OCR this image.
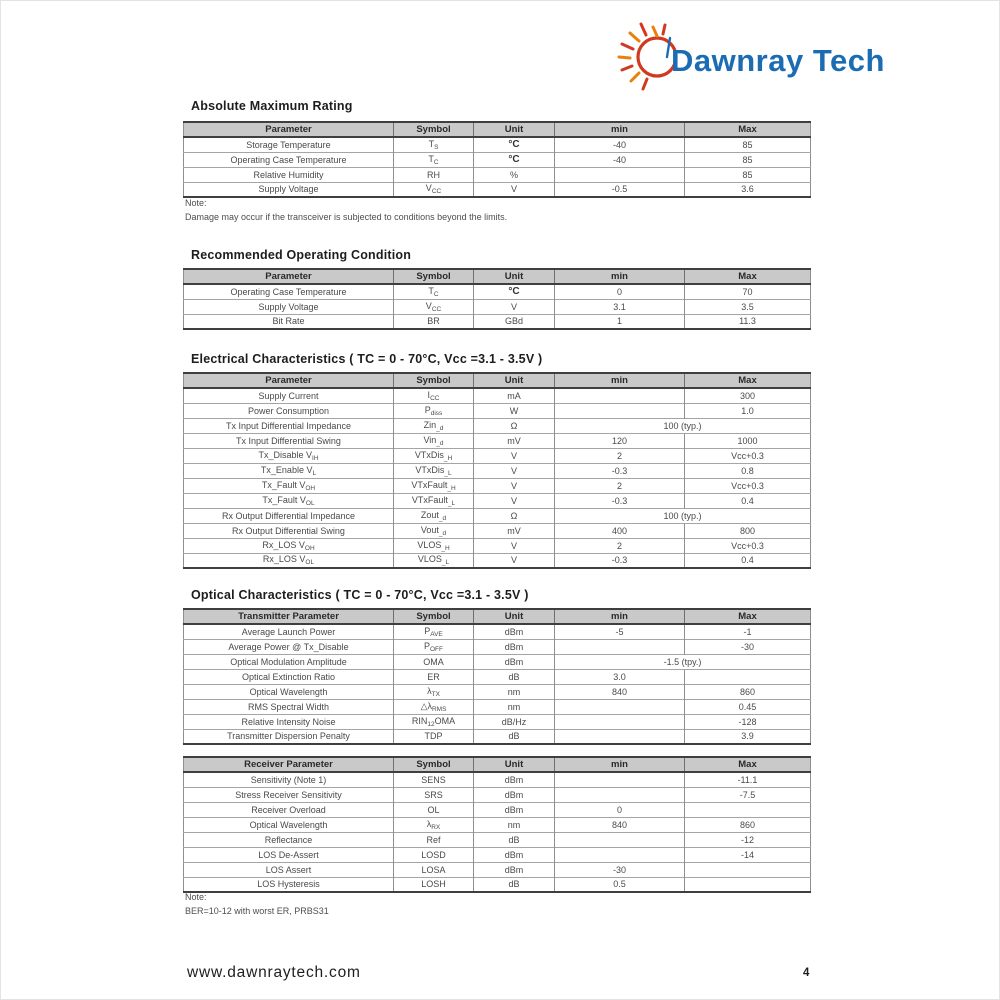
Dawnray Tech
Absolute Maximum Rating
Parameter	Symbol	Unit	min	Max
Storage Temperature	$T_S$	°C	-40	85
Operating Case Temperature	$T_C$	°C	-40	85
Relative Humidity	RH	%		85
Supply Voltage	$V_{CC}$	V	-0.5	3.6
Note:
Damage may occur if the transceiver is subjected to conditions beyond the limits.
Recommended Operating Condition
Parameter	Symbol	Unit	min	Max
Operating Case Temperature	$T_C$	°C	0	70
Supply Voltage	$V_{CC}$	V	3.1	3.5
Bit Rate	BR	GBd	1	11.3
Electrical Characteristics ( TC = 0 - 70°C, Vcc =3.1 - 3.5V )
Parameter	Symbol	Unit	min	Max
Supply Current	$I_{CC}$	mA		300
Power Consumption	$P_{diss}$	W		1.0
Tx Input Differential Impedance	Zin$_{\_d}$	Ω	100 (typ.)	
Tx Input Differential Swing	Vin$_{\_d}$	mV	120	1000
Tx_Disable $V_{IH}$	VTxDis$_{\_H}$	V	2	Vcc+0.3
Tx_Enable $V_L$	VTxDis$_{\_L}$	V	-0.3	0.8
Tx_Fault $V_{OH}$	VTxFault$_{\_H}$	V	2	Vcc+0.3
Tx_Fault $V_{OL}$	VTxFault$_{\_L}$	V	-0.3	0.4
Rx Output Differential Impedance	Zout$_{\_d}$	Ω	100 (typ.)	
Rx Output Differential Swing	Vout$_{\_d}$	mV	400	800
Rx_LOS $V_{OH}$	$VLOS_{\_H}$	V	2	Vcc+0.3
Rx_LOS $V_{OL}$	$VLOS_{\_L}$	V	-0.3	0.4
Optical Characteristics ( TC = 0 - 70°C, Vcc =3.1 - 3.5V )
Transmitter Parameter	Symbol	Unit	min	Max
Average Launch Power	$P_{AVE}$	dBm	-5	-1
Average Power @ Tx_Disable	$P_{OFF}$	dBm		-30
Optical Modulation Amplitude	OMA	dBm	-1.5 (tpy.)	
Optical Extinction Ratio	ER	dB	3.0	
Optical Wavelength	$\lambda_{TX}$	nm	840	860
RMS Spectral Width	$\triangle\lambda_{RMS}$	nm		0.45
Relative Intensity Noise	$RIN_{12}OMA$	dB/Hz		-128
Transmitter Dispersion Penalty	TDP	dB		3.9
Receiver Parameter	Symbol	Unit	min	Max
Sensitivity (Note 1)	SENS	dBm		-11.1
Stress Receiver Sensitivity	SRS	dBm		-7.5
Receiver Overload	OL	dBm	0	
Optical Wavelength	$\lambda_{RX}$	nm	840	860
Reflectance	Ref	dB		-12
LOS De-Assert	LOSD	dBm		-14
LOS Assert	LOSA	dBm	-30	
LOS Hysteresis	LOSH	dB	0.5	
Note:
BER=10-12 with worst ER, PRBS31
www.dawnraytech.com	4
